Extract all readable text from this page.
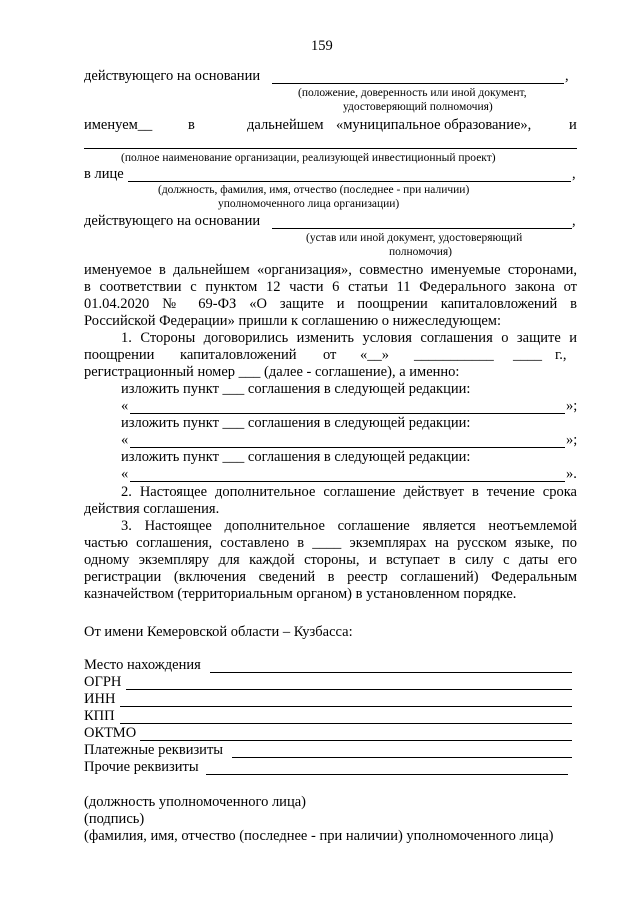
159
действующего на основании	,
(положение, доверенность или иной документ,
удостоверяющий полномочия)
именуем__ в	дальнейшем «муниципальное образование»,	и
(полное наименование организации, реализующей инвестиционный проект)
в лице	,
(должность, фамилия, имя, отчество (последнее - при наличии)
уполномоченного лица организации)
действующего на основании	,
(устав или иной документ, удостоверяющий
полномочия)
именуемое в дальнейшем «организация», совместно именуемые сторонами,
в соответствии с пунктом 12 части 6 статьи 11 Федерального закона от
01.04.2020 № 69-ФЗ «О защите и поощрении капиталовложений в
Российской Федерации» пришли к соглашению о нижеследующем:
1. Стороны договорились изменить условия соглашения о защите и
поощрении капиталовложений от «__» ___________ ____ г.,
регистрационный номер ___ (далее - соглашение), а именно:
изложить пункт ___ соглашения в следующей редакции:
«	»;
изложить пункт ___ соглашения в следующей редакции:
«	»;
изложить пункт ___ соглашения в следующей редакции:
«	».
2. Настоящее дополнительное соглашение действует в течение срока
действия соглашения.
3. Настоящее дополнительное соглашение является неотъемлемой
частью соглашения, составлено в ____ экземплярах на русском языке, по
одному экземпляру для каждой стороны, и вступает в силу с даты его
регистрации (включения сведений в реестр соглашений) Федеральным
казначейством (территориальным органом) в установленном порядке.
От имени Кемеровской области – Кузбасса:
Место нахождения
ОГРН
ИНН
КПП
ОКТМО
Платежные реквизиты
Прочие реквизиты
(должность уполномоченного лица)
(подпись)
(фамилия, имя, отчество (последнее - при наличии) уполномоченного лица)
